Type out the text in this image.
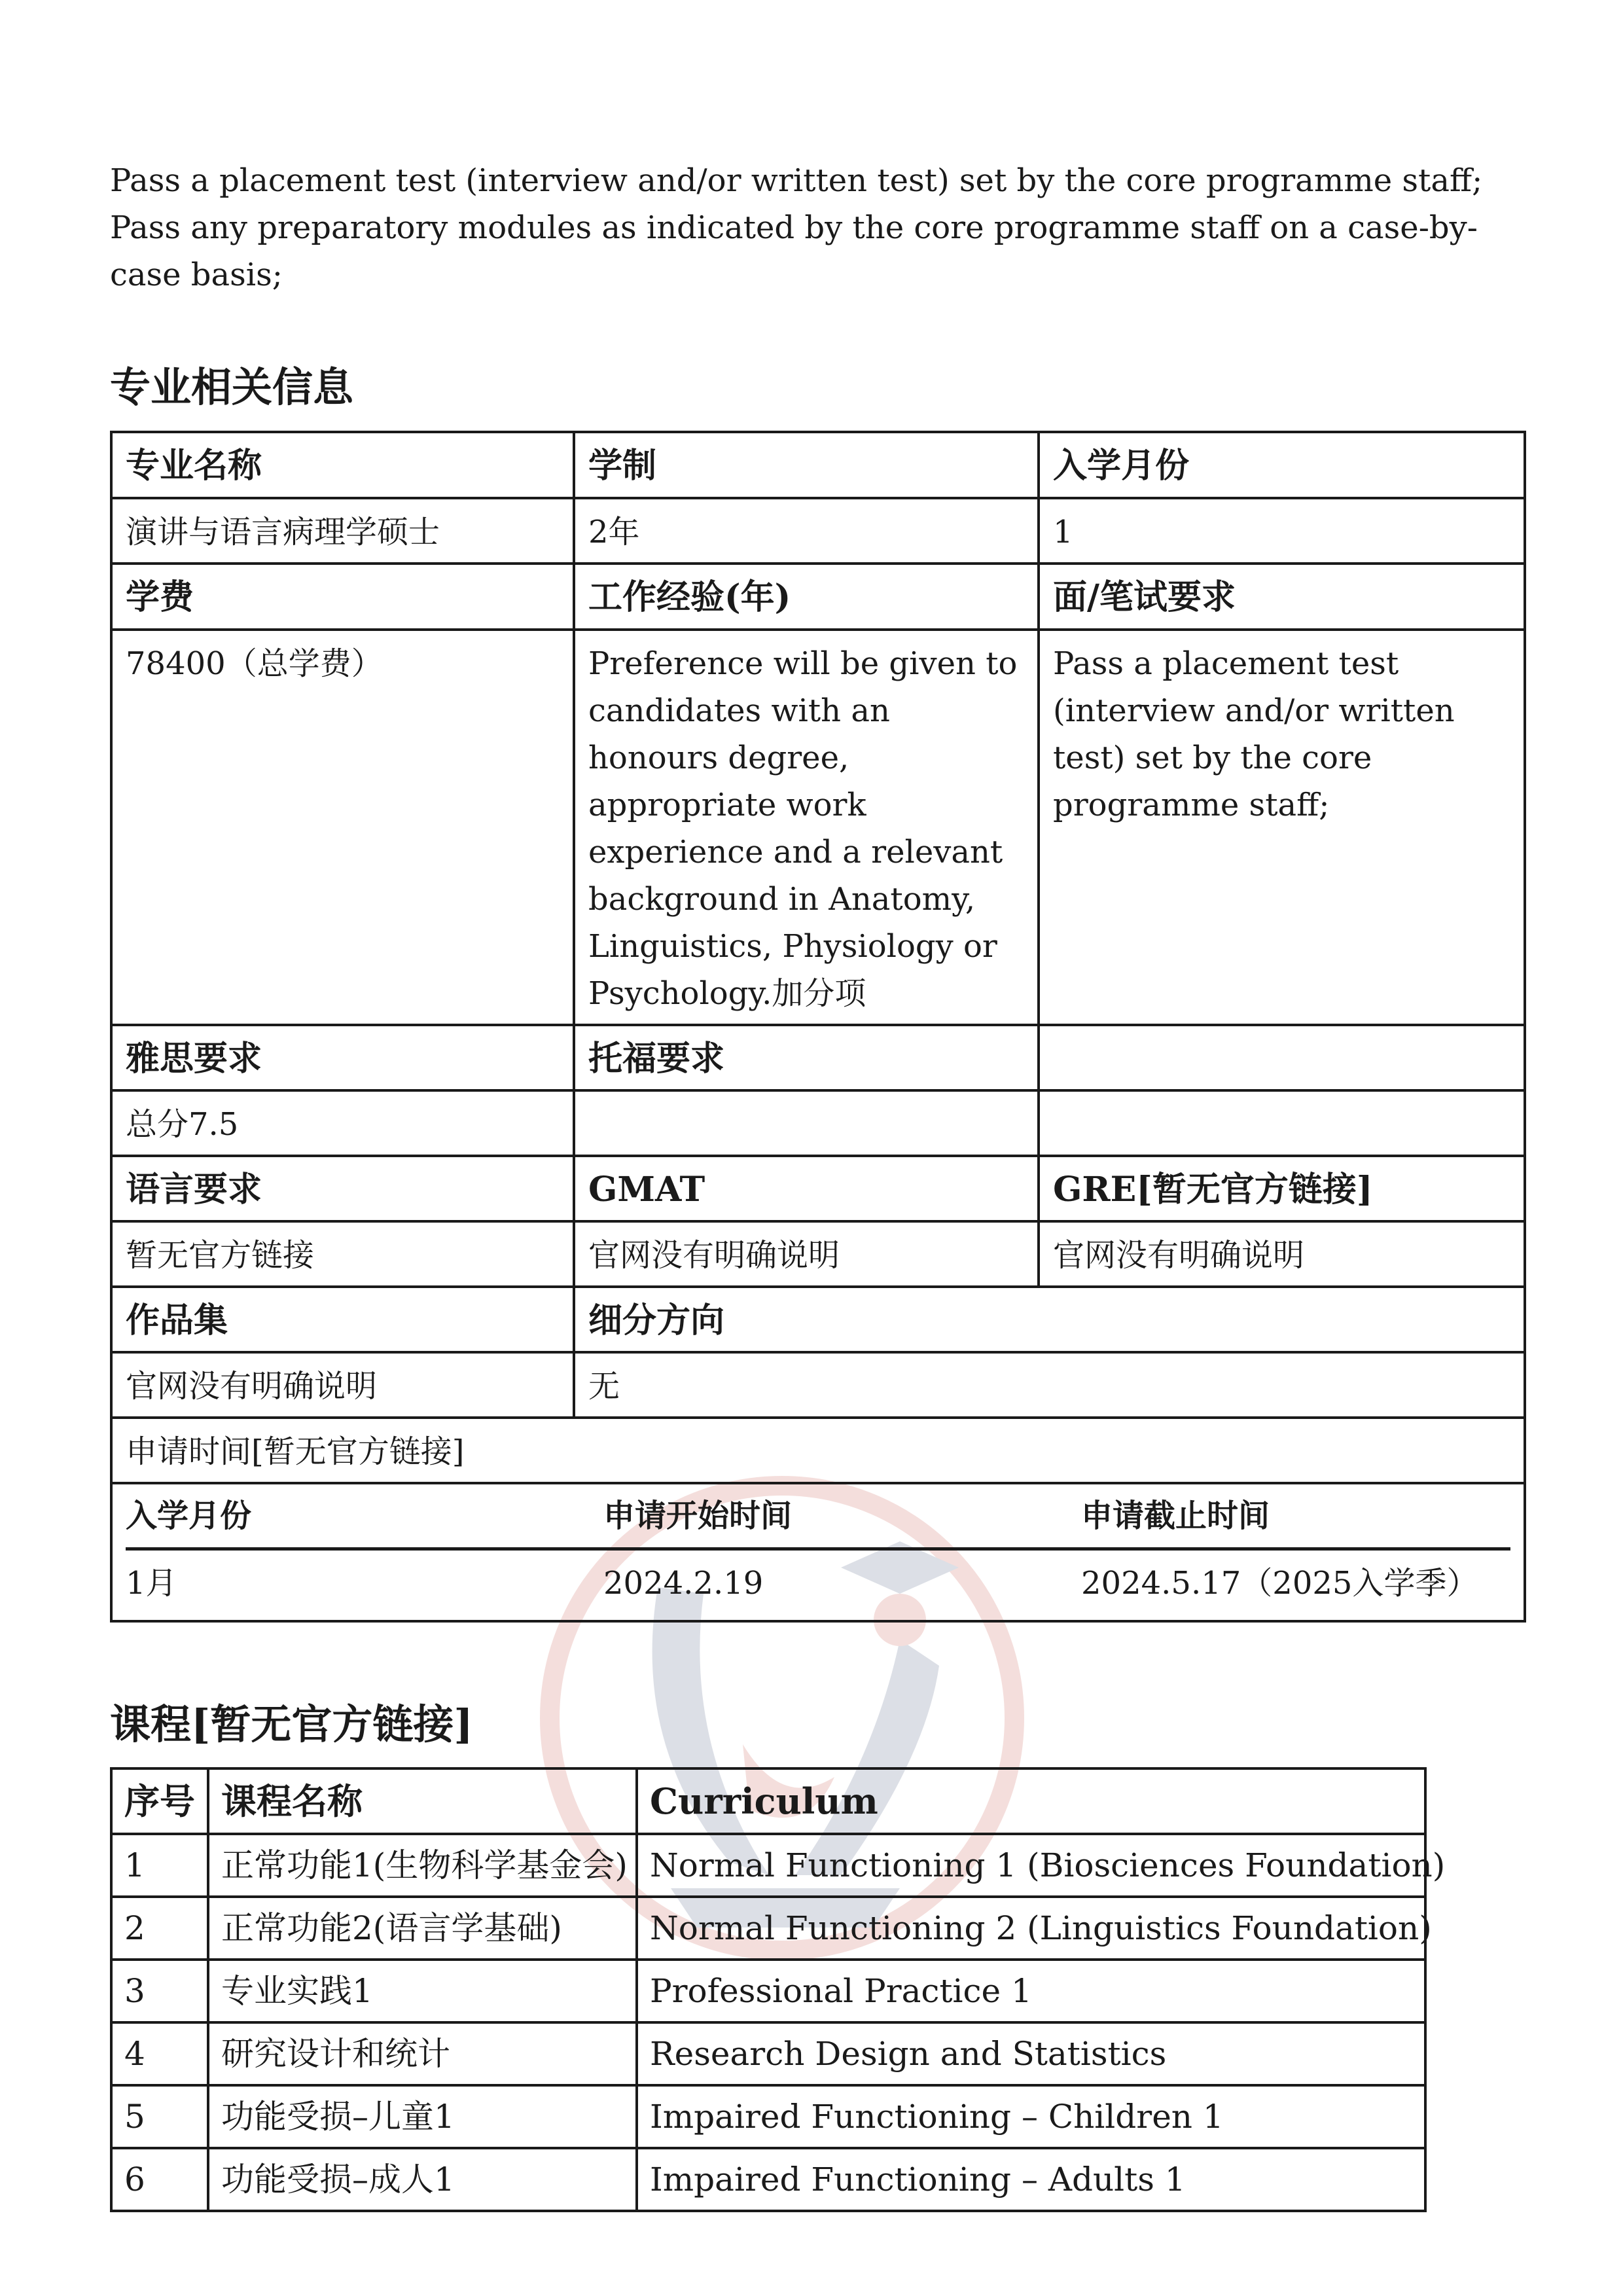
Pass a placement test (interview and/or written test) set by the core programme staff;

Pass any preparatory modules as indicated by the core programme staff on a case-by-case basis;

专业相关信息
专业名称	学制	入学月份
演讲与语言病理学硕士	2年	1
学费	工作经验(年)	面/笔试要求
78400（总学费）	Preference will be given to candidates with an honours degree, appropriate work experience and a relevant background in Anatomy, Linguistics, Physiology or Psychology.加分项	Pass a placement test (interview and/or written test) set by the core programme staff;
雅思要求	托福要求	
总分7.5		
语言要求	GMAT	GRE[暂无官方链接]
暂无官方链接	官网没有明确说明	官网没有明确说明
作品集	细分方向
官网没有明确说明	无
申请时间[暂无官方链接]

入学月份	申请开始时间	申请截止时间
1月	2024.2.19	2024.5.17（2025入学季）
课程[暂无官方链接]
序号	课程名称	Curriculum
1	正常功能1(生物科学基金会)	Normal Functioning 1 (Biosciences Foundation)
2	正常功能2(语言学基础)	Normal Functioning 2 (Linguistics Foundation)
3	专业实践1	Professional Practice 1
4	研究设计和统计	Research Design and Statistics
5	功能受损–儿童1	Impaired Functioning – Children 1
6	功能受损–成人1	Impaired Functioning – Adults 1
